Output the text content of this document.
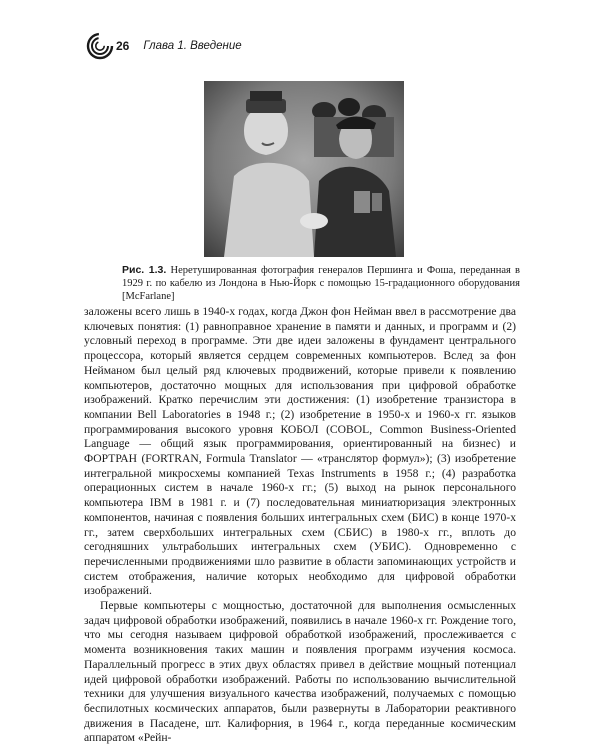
26 Глава 1. Введение
Рис. 1.3. Неретушированная фотография генералов Першинга и Фоша, переданная в 1929 г. по кабелю из Лондона в Нью-Йорк с помощью 15-градационного оборудования [McFarlane]

заложены всего лишь в 1940-х годах, когда Джон фон Нейман ввел в рассмотрение два ключевых понятия: (1) равноправное хранение в памяти и данных, и программ и (2) условный переход в программе. Эти две идеи заложены в фундамент центрального процессора, который является сердцем современных компьютеров. Вслед за фон Нейманом был целый ряд ключевых продвижений, которые привели к появлению компьютеров, достаточно мощных для использования при цифровой обработке изображений. Кратко перечислим эти достижения: (1) изобретение транзистора в компании Bell Laboratories в 1948 г.; (2) изобретение в 1950-х и 1960-х гг. языков программирования высокого уровня КОБОЛ (COBOL, Common Business-Oriented Language — общий язык программирования, ориентированный на бизнес) и ФОРТРАН (FORTRAN, Formula Translator — «транслятор формул»); (3) изобретение интегральной микросхемы компанией Texas Instruments в 1958 г.; (4) разработка операционных систем в начале 1960-х гг.; (5) выход на рынок персонального компьютера IBM в 1981 г. и (7) последовательная миниатюризация электронных компонентов, начиная с появления больших интегральных схем (БИС) в конце 1970-х гг., затем сверхбольших интегральных схем (СБИС) в 1980-х гг., вплоть до сегодняшних ультрабольших интегральных схем (УБИС). Одновременно с перечисленными продвижениями шло развитие в области запоминающих устройств и систем отображения, наличие которых необходимо для цифровой обработки изображений.

Первые компьютеры с мощностью, достаточной для выполнения осмысленных задач цифровой обработки изображений, появились в начале 1960-х гг. Рождение того, что мы сегодня называем цифровой обработкой изображений, прослеживается с момента возникновения таких машин и появления программ изучения космоса. Параллельный прогресс в этих двух областях привел в действие мощный потенциал идей цифровой обработки изображений. Работы по использованию вычислительной техники для улучшения визуального качества изображений, получаемых с помощью беспилотных космических аппаратов, были развернуты в Лаборатории реактивного движения в Пасадене, шт. Калифорния, в 1964 г., когда переданные космическим аппаратом «Рейн-
